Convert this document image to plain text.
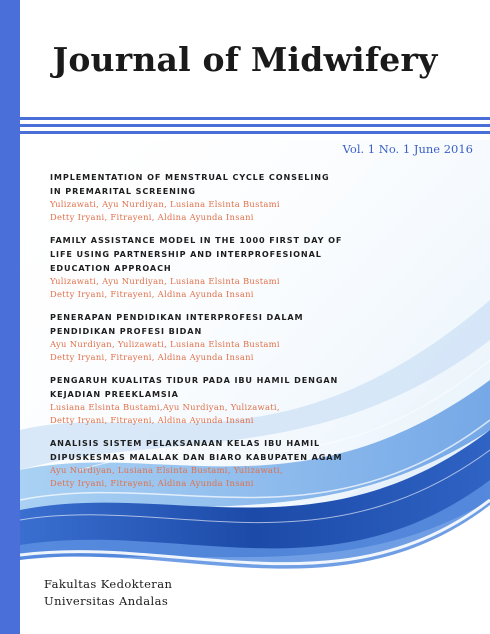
Journal of Midwifery

Vol. 1 No. 1 June 2016

IMPLEMENTATION OF MENSTRUAL CYCLE CONSELING

IN PREMARITAL SCREENING

Yulizawati, Ayu Nurdiyan, Lusiana Elsinta Bustami

Detty Iryani, Fitrayeni, Aldina Ayunda Insani

FAMILY ASSISTANCE MODEL IN THE 1000 FIRST DAY OF

LIFE USING PARTNERSHIP AND INTERPROFESIONAL

EDUCATION APPROACH

Yulizawati, Ayu Nurdiyan, Lusiana Elsinta Bustami

Detty Iryani, Fitrayeni, Aldina Ayunda Insani

PENERAPAN PENDIDIKAN INTERPROFESI DALAM

PENDIDIKAN PROFESI BIDAN

Ayu Nurdiyan, Yulizawati, Lusiana Elsinta Bustami

Detty Iryani, Fitrayeni, Aldina Ayunda Insani

PENGARUH KUALITAS TIDUR PADA IBU HAMIL DENGAN

KEJADIAN PREEKLAMSIA

Lusiana Elsinta Bustami,Ayu Nurdiyan, Yulizawati,

Detty Iryani, Fitrayeni, Aldina Ayunda Insani

ANALISIS SISTEM PELAKSANAAN KELAS IBU HAMIL

DIPUSKESMAS MALALAK DAN BIARO KABUPATEN AGAM

Ayu Nurdiyan, Lusiana Elsinta Bustami, Yulizawati,

Detty Iryani, Fitrayeni, Aldina Ayunda Insani

Fakultas Kedokteran
Universitas Andalas
